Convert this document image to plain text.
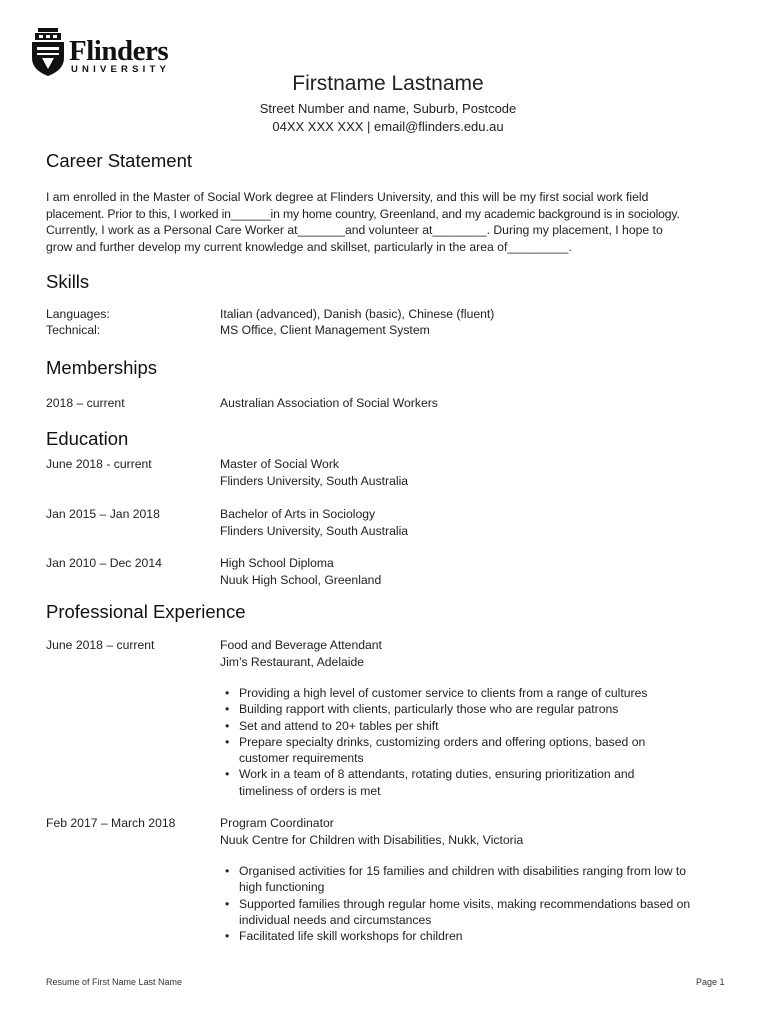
Flinders
UNIVERSITY
Firstname Lastname
Street Number and name, Suburb, Postcode
04XX XXX XXX | email@flinders.edu.au
Career Statement
I am enrolled in the Master of Social Work degree at Flinders University, and this will be my first social work field
placement. Prior to this, I worked in______in my home country, Greenland, and my academic background is in sociology.
Currently, I work as a Personal Care Worker at_______and volunteer at________. During my placement, I hope to
grow and further develop my current knowledge and skillset, particularly in the area of_________.
Skills
Languages:	Italian (advanced), Danish (basic), Chinese (fluent)
Technical:	MS Office, Client Management System
Memberships
2018 – current	Australian Association of Social Workers
Education
June 2018 - current	Master of Social Work
Flinders University, South Australia
Jan 2015 – Jan 2018	Bachelor of Arts in Sociology
Flinders University, South Australia
Jan 2010 – Dec 2014	High School Diploma
Nuuk High School, Greenland
Professional Experience
June 2018 – current	Food and Beverage Attendant
Jim’s Restaurant, Adelaide
• Providing a high level of customer service to clients from a range of cultures
• Building rapport with clients, particularly those who are regular patrons
• Set and attend to 20+ tables per shift
• Prepare specialty drinks, customizing orders and offering options, based on
customer requirements
• Work in a team of 8 attendants, rotating duties, ensuring prioritization and
timeliness of orders is met
Feb 2017 – March 2018	Program Coordinator
Nuuk Centre for Children with Disabilities, Nukk, Victoria
• Organised activities for 15 families and children with disabilities ranging from low to
high functioning
• Supported families through regular home visits, making recommendations based on
individual needs and circumstances
• Facilitated life skill workshops for children
Resume of First Name Last Name	Page 1
